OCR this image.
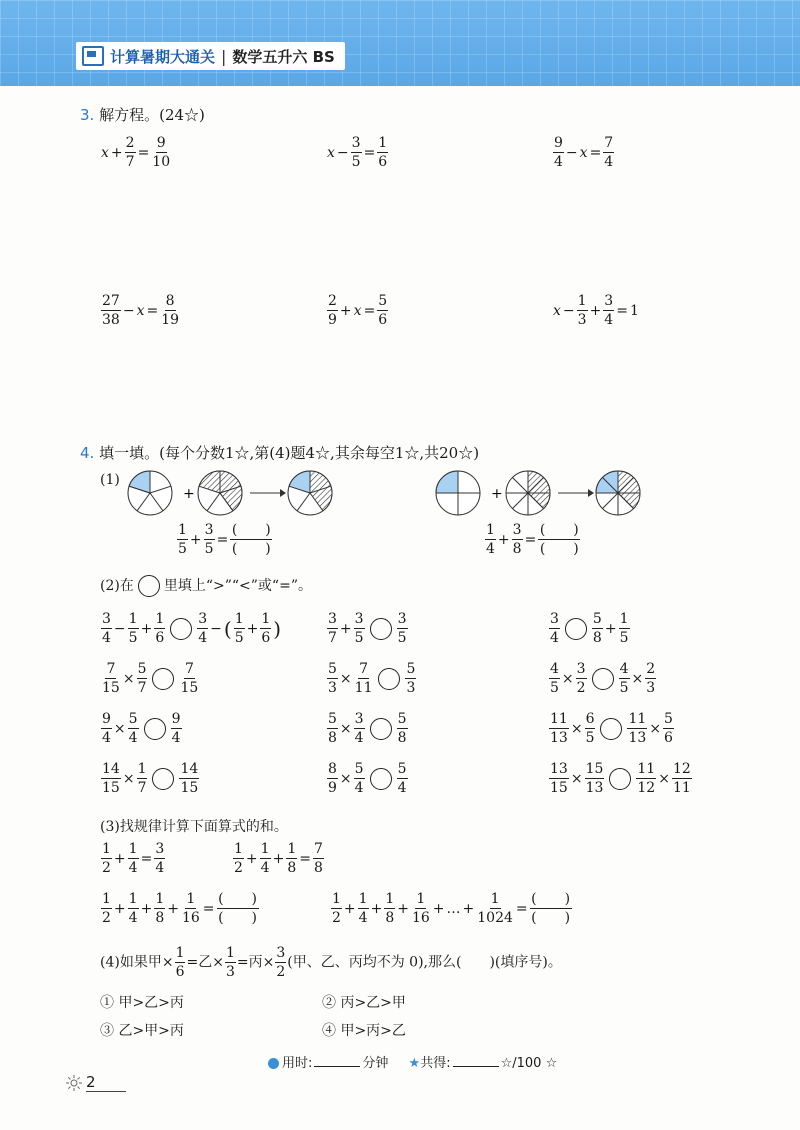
计算暑期大通关 | 数学五升六 BS
3. 解方程。(24☆)
$x + \frac{2}{7} = \frac{9}{10}$	$x - \frac{3}{5} = \frac{1}{6}$	$\frac{9}{4} - x = \frac{7}{4}$
$\frac{27}{38} - x = \frac{8}{19}$	$\frac{2}{9} + x = \frac{5}{6}$	$x - \frac{1}{3} + \frac{3}{4} = 1$
4. 填一填。(每个分数1☆,第(4)题4☆,其余每空1☆,共20☆)
(1)
+	+
$\frac{1}{5} + \frac{3}{5} = \frac{( )}{( )}$	$\frac{1}{4} + \frac{3}{8} = \frac{( )}{( )}$
(2)在 里填上“>”“<”或“=”。
$\frac{3}{4} - \frac{1}{5} + \frac{1}{6} \frac{3}{4}$ − ( $\frac{1}{5} + \frac{1}{6}$ )	$\frac{3}{7} + \frac{3}{5} \frac{3}{5}$	$\frac{3}{4} \frac{5}{8} + \frac{1}{5}$
$\frac{7}{15} \times \frac{5}{7} \frac{7}{15}$	$\frac{5}{3} \times \frac{7}{11} \frac{5}{3}$	$\frac{4}{5} \times \frac{3}{2} \frac{4}{5} \times \frac{2}{3}$
$\frac{9}{4} \times \frac{5}{4} \frac{9}{4}$	$\frac{5}{8} \times \frac{3}{4} \frac{5}{8}$	$\frac{11}{13} \times \frac{6}{5} \frac{11}{13} \times \frac{5}{6}$
$\frac{14}{15} \times \frac{1}{7} \frac{14}{15}$	$\frac{8}{9} \times \frac{5}{4} \frac{5}{4}$	$\frac{13}{15} \times \frac{15}{13} \frac{11}{12} \times \frac{12}{11}$
(3)找规律计算下面算式的和。
$\frac{1}{2} + \frac{1}{4} = \frac{3}{4}$	$\frac{1}{2} + \frac{1}{4} + \frac{1}{8} = \frac{7}{8}$
$\frac{1}{2} + \frac{1}{4} + \frac{1}{8} + \frac{1}{16} = \frac{( )}{( )}$	$\frac{1}{2} + \frac{1}{4} + \frac{1}{8} + \frac{1}{16}$ + … + $\frac{1}{1024} = \frac{( )}{( )}$
(4)如果甲× $\frac{1}{6}$ =乙× $\frac{1}{3}$ =丙× $\frac{3}{2}$ (甲、乙、丙均不为 0),那么(　　)(填序号)。
① 甲>乙>丙	② 丙>乙>甲
③ 乙>甲>丙	④ 甲>丙>乙
用时:	分钟 ★共得:	☆/100 ☆
2
